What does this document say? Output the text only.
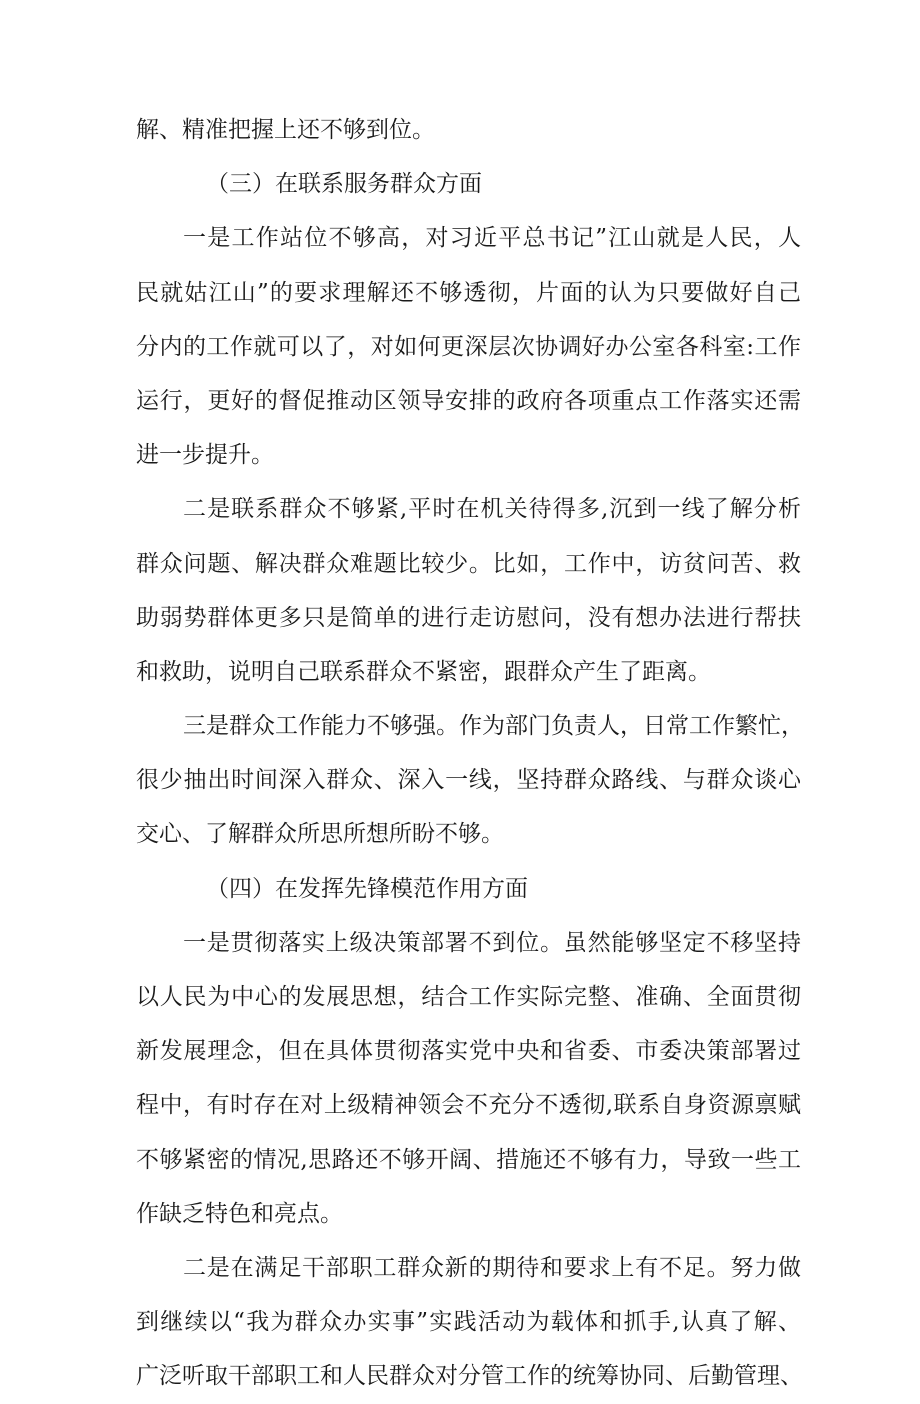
解、精准把握上还不够到位。
（三）在联系服务群众方面
一是工作站位不够高，对习近平总书记”江山就是人民，人
民就姑江山”的要求理解还不够透彻，片面的认为只要做好自己
分内的工作就可以了，对如何更深层次协调好办公室各科室:工作
运行，更好的督促推动区领导安排的政府各项重点工作落实还需
进一步提升。
二是联系群众不够紧,平时在机关待得多,沉到一线了解分析
群众问题、解决群众难题比较少。比如，工作中，访贫问苦、救
助弱势群体更多只是简单的进行走访慰问，没有想办法进行帮扶
和救助，说明自己联系群众不紧密，跟群众产生了距离。
三是群众工作能力不够强。作为部门负责人，日常工作繁忙，
很少抽出时间深入群众、深入一线，坚持群众路线、与群众谈心
交心、了解群众所思所想所盼不够。
（四）在发挥先锋模范作用方面
一是贯彻落实上级决策部署不到位。虽然能够坚定不移坚持
以人民为中心的发展思想，结合工作实际完整、准确、全面贯彻
新发展理念，但在具体贯彻落实党中央和省委、市委决策部署过
程中，有时存在对上级精神领会不充分不透彻,联系自身资源禀赋
不够紧密的情况,思路还不够开阔、措施还不够有力，导致一些工
作缺乏特色和亮点。
二是在满足干部职工群众新的期待和要求上有不足。努力做
到继续以“我为群众办实事”实践活动为载体和抓手,认真了解、
广泛听取干部职工和人民群众对分管工作的统筹协同、后勤管理、
